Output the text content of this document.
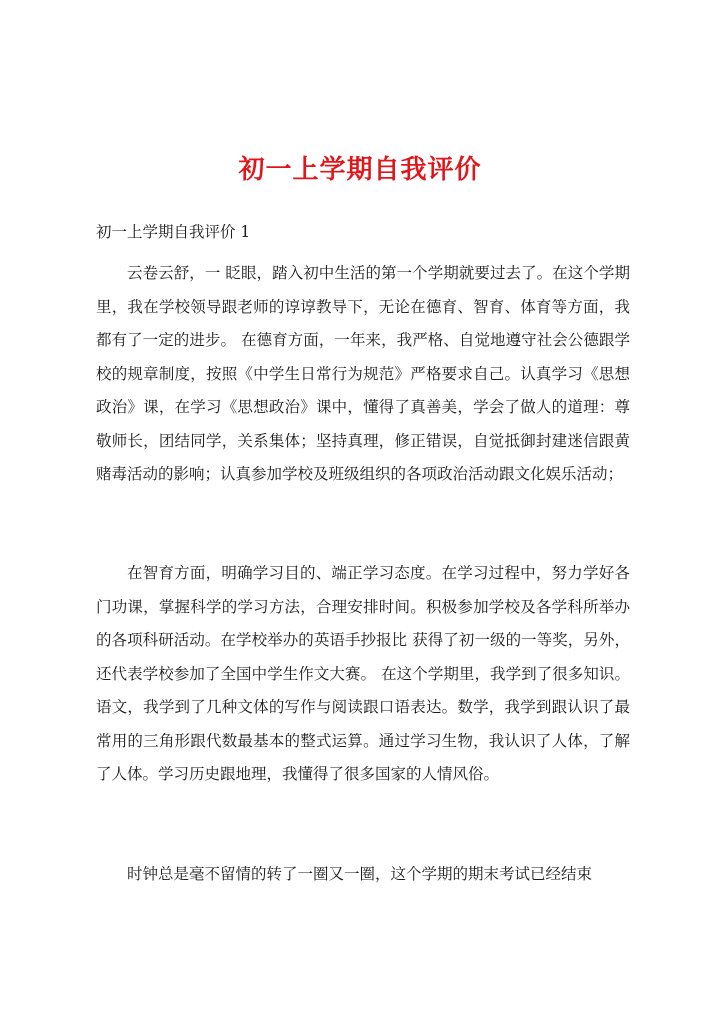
初一上学期自我评价
初一上学期自我评价 1

云卷云舒，一 眨眼，踏入初中生活的第一个学期就要过去了。在这个学期里，我在学校领导跟老师的谆谆教导下，无论在德育、智育、体育等方面，我都有了一定的进步。 在德育方面，一年来，我严格、自觉地遵守社会公德跟学校的规章制度，按照《中学生日常行为规范》严格要求自己。认真学习《思想政治》课，在学习《思想政治》课中，懂得了真善美，学会了做人的道理：尊敬师长，团结同学，关系集体；坚持真理，修正错误，自觉抵御封建迷信跟黄赌毒活动的影响；认真参加学校及班级组织的各项政治活动跟文化娱乐活动；

在智育方面，明确学习目的、端正学习态度。在学习过程中，努力学好各门功课，掌握科学的学习方法，合理安排时间。积极参加学校及各学科所举办的各项科研活动。在学校举办的英语手抄报比 获得了初一级的一等奖，另外，还代表学校参加了全国中学生作文大赛。 在这个学期里，我学到了很多知识。语文，我学到了几种文体的写作与阅读跟口语表达。数学，我学到跟认识了最常用的三角形跟代数最基本的整式运算。通过学习生物，我认识了人体，了解了人体。学习历史跟地理，我懂得了很多国家的人情风俗。

时钟总是毫不留情的转了一圈又一圈，这个学期的期末考试已经结束
